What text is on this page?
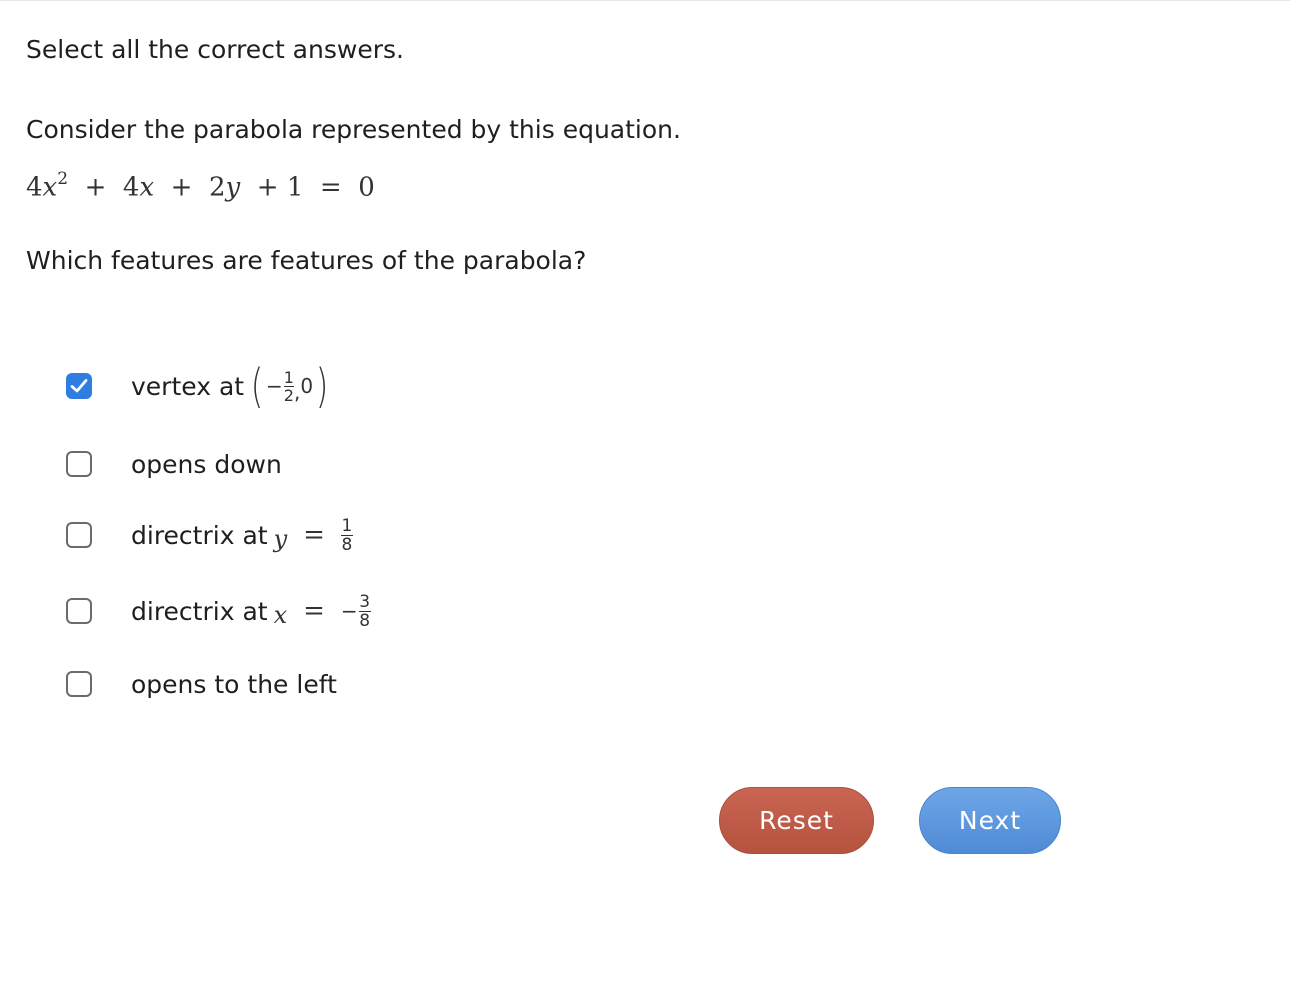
Select all the correct answers.
Consider the parabola represented by this equation.
$4x^2 + 4x + 2y + 1 = 0$
Which features are features of the parabola?
vertex at ( − $\frac{1}{2}$ , 0 )
opens down
directrix at $y = \frac{1}{8}$
directrix at x = − $\frac{3}{8}$
opens to the left
Reset	Next
